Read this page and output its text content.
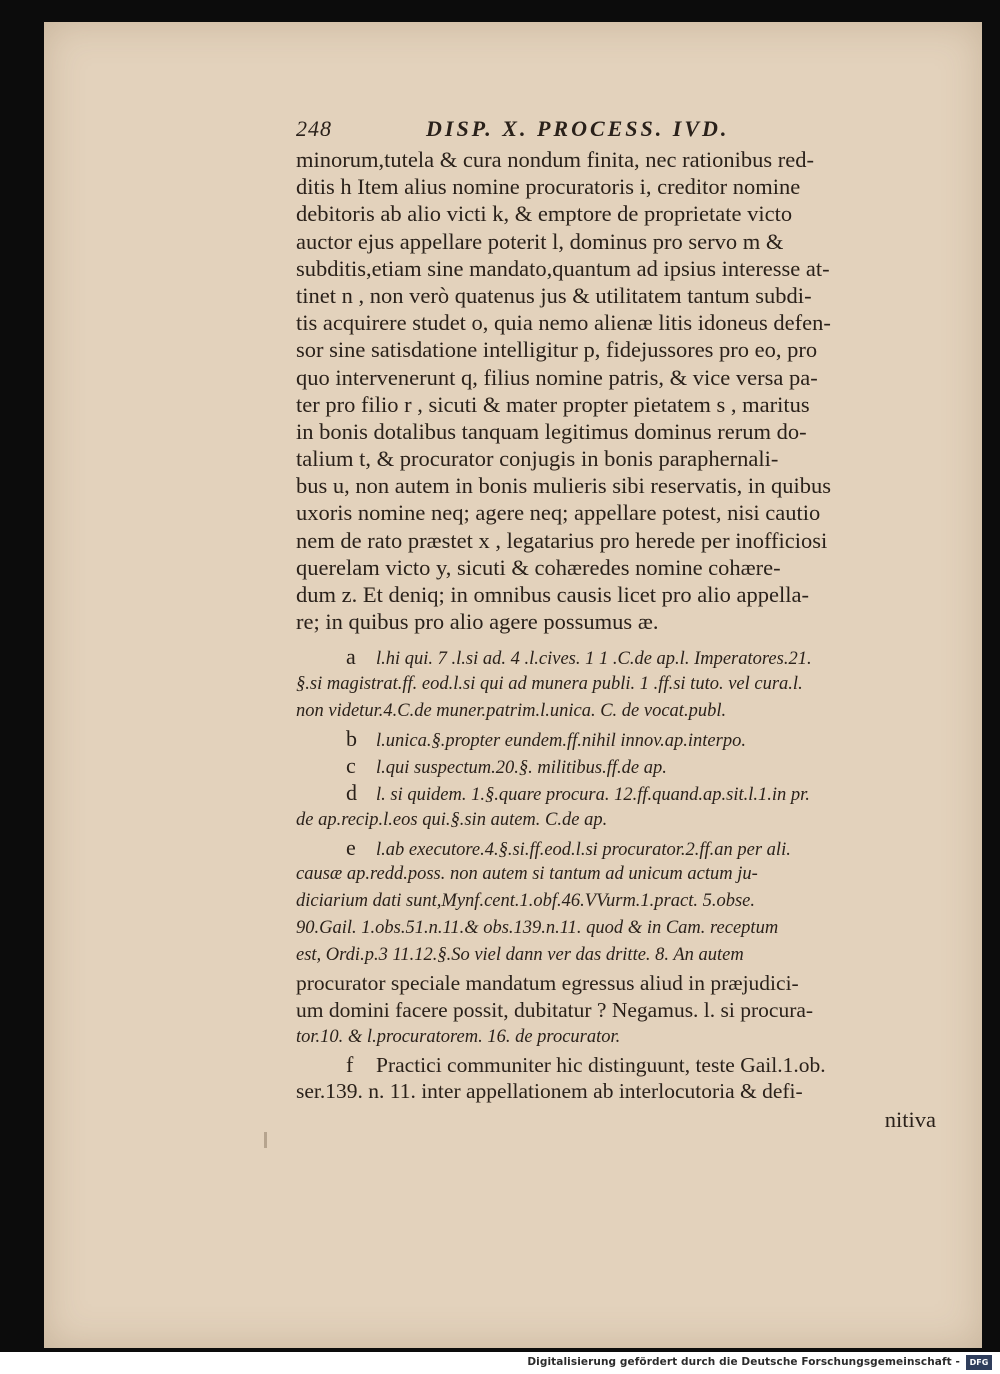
248	DISP. X. PROCESS. IVD.
minorum,tutela & cura nondum finita, nec rationibus red-
ditis h Item alius nomine procuratoris i, creditor nomine
debitoris ab alio victi k, & emptore de proprietate victo
auctor ejus appellare poterit l, dominus pro servo m &
subditis,etiam sine mandato,quantum ad ipsius interesse at-
tinet n , non verò quatenus jus & utilitatem tantum subdi-
tis acquirere studet o, quia nemo alienæ litis idoneus defen-
sor sine satisdatione intelligitur p, fidejussores pro eo, pro
quo intervenerunt q, filius nomine patris, & vice versa pa-
ter pro filio r , sicuti & mater propter pietatem s , maritus
in bonis dotalibus tanquam legitimus dominus rerum do-
talium t, & procurator conjugis in bonis paraphernali-
bus u, non autem in bonis mulieris sibi reservatis, in quibus
uxoris nomine neq; agere neq; appellare potest, nisi cautio
nem de rato præstet x , legatarius pro herede per inofficiosi
querelam victo y, sicuti & cohæredes nomine cohære-
dum z. Et deniq; in omnibus causis licet pro alio appella-
re; in quibus pro alio agere possumus æ.
a l.hi qui. 7 .l.si ad. 4 .l.cives. 1 1 .C.de ap.l. Imperatores.21.
§.si magistrat.ff. eod.l.si qui ad munera publi. 1 .ff.si tuto. vel cura.l.
non videtur.4.C.de muner.patrim.l.unica. C. de vocat.publ.
b l.unica.§.propter eundem.ff.nihil innov.ap.interpo.
c l.qui suspectum.20.§. militibus.ff.de ap.
d l. si quidem. 1.§.quare procura. 12.ff.quand.ap.sit.l.1.in pr.
de ap.recip.l.eos qui.§.sin autem. C.de ap.
e l.ab executore.4.§.si.ff.eod.l.si procurator.2.ff.an per ali.
causæ ap.redd.poss. non autem si tantum ad unicum actum ju-
diciarium dati sunt,Mynf.cent.1.obf.46.VVurm.1.pract. 5.obse.
90.Gail. 1.obs.51.n.11.& obs.139.n.11. quod & in Cam. receptum
est, Ordi.p.3 11.12.§.So viel dann ver das dritte. 8. An autem
procurator speciale mandatum egressus aliud in præjudici-
um domini facere possit, dubitatur ? Negamus. l. si procura-
tor.10. & l.procuratorem. 16. de procurator.
f Practici communiter hic distinguunt, teste Gail.1.ob.
ser.139. n. 11. inter appellationem ab interlocutoria & defi-
nitiva
Digitalisierung gefördert durch die Deutsche Forschungsgemeinschaft -	DFG
